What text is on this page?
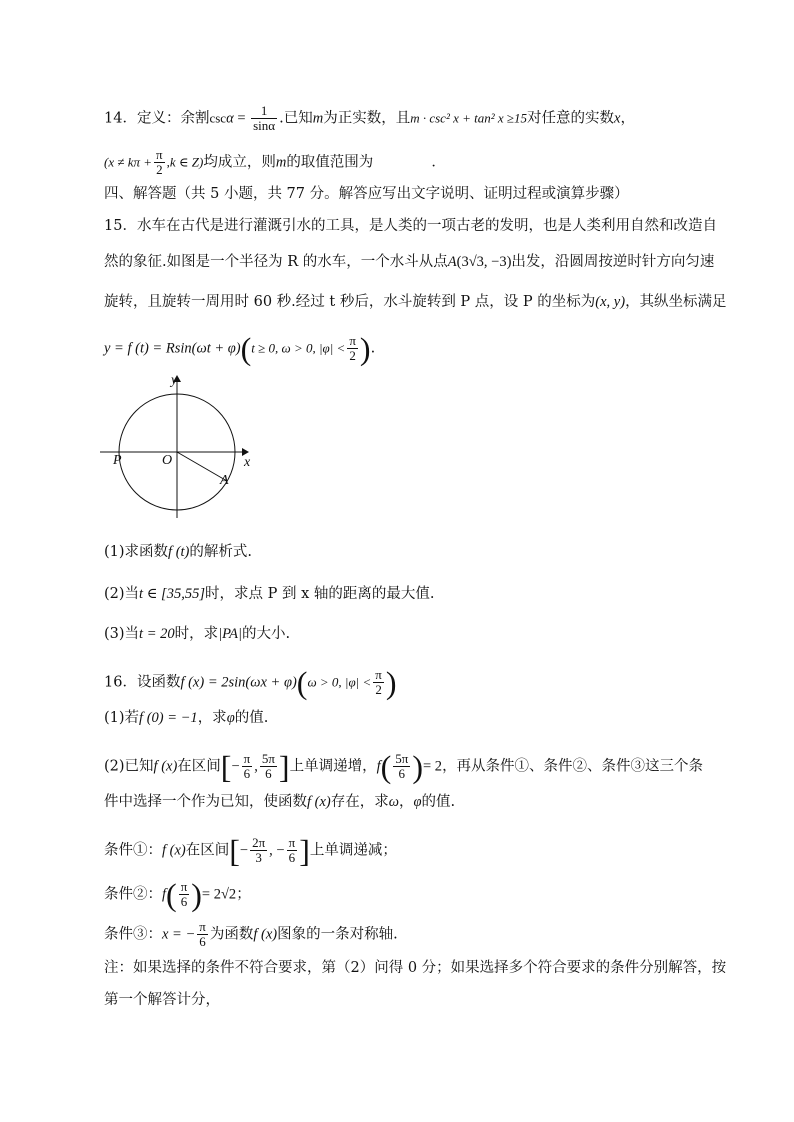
14．定义：余割$\csc\alpha = \frac{1}{\sin\alpha}$ .已知m为正实数，且m · csc² x + tan² x ≥15对任意的实数x，
($x \ne k\pi + \frac{\pi}{2} ,k$ ∈ Z)均成立，则m的取值范围为	．
四、解答题（共 5 小题，共 77 分。解答应写出文字说明、证明过程或演算步骤）
15．水车在古代是进行灌溉引水的工具，是人类的一项古老的发明，也是人类利用自然和改造自
然的象征.如图是一个半径为 R 的水车，一个水斗从点A(3√3, −3)出发，沿圆周按逆时针方向匀速
旋转，且旋转一周用时 60 秒.经过 t 秒后，水斗旋转到 P 点，设 P 的坐标为(x, y)，其纵坐标满足
y = f (t) = Rsin(ωt + φ)(t ≥ 0, ω > 0, $|\varphi| < \frac{\pi}{2}$ ).
y
x
P	O
A
(1)求函数f (t)的解析式.
(2)当t ∈ [35,55]时，求点 P 到 x 轴的距离的最大值.
(3)当t = 20时，求|PA|的大小.
16．设函数f (x) = 2sin(ωx + φ)(ω > 0, $|\varphi| < \frac{\pi}{2}$ )
(1)若f (0) = −1，求φ的值.
(2)已知f (x)在区间[− $\frac{\pi}{6}$ , $\frac{5\pi}{6}$ ]上单调递增，$f( \frac{5\pi}{6}$ )= 2，再从条件①、条件②、条件③这三个条
件中选择一个作为已知，使函数f (x)存在，求ω，φ的值.
条件①：f (x)在区间[− $\frac{2\pi}{3}$ , − $\frac{\pi}{6}$ ]上单调递减；
条件②：$f( \frac{\pi}{6}$ )= 2√2；
条件③：x = − $\frac{\pi}{6}$ 为函数f (x)图象的一条对称轴.
注：如果选择的条件不符合要求，第（2）问得 0 分；如果选择多个符合要求的条件分别解答，按
第一个解答计分，
